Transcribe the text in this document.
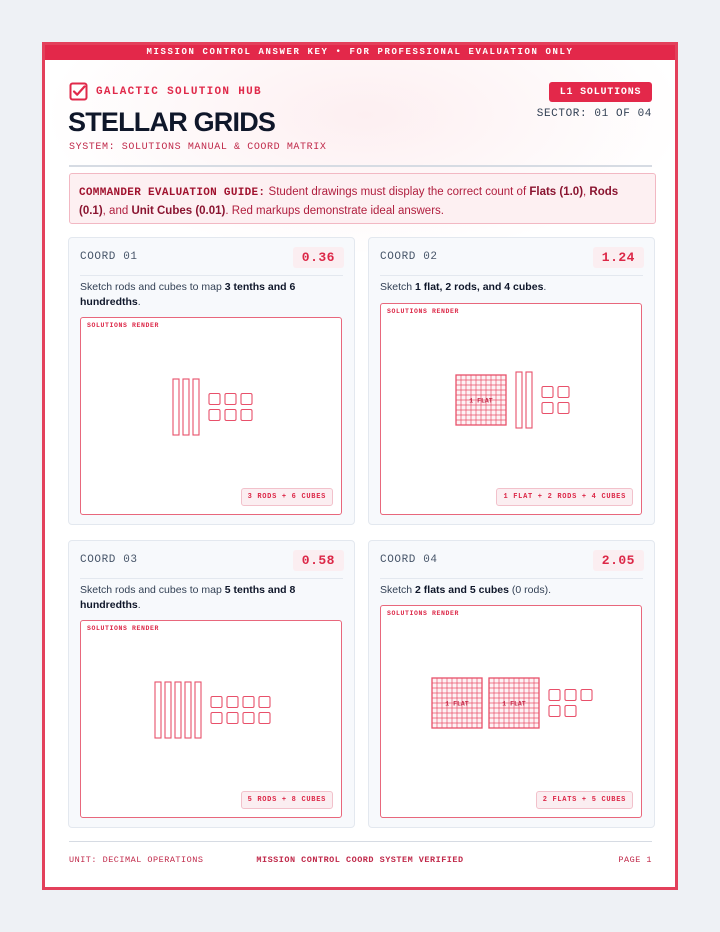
MISSION CONTROL ANSWER KEY • FOR PROFESSIONAL EVALUATION ONLY
GALACTIC SOLUTION HUB
STELLAR GRIDS
SYSTEM: SOLUTIONS MANUAL & COORD MATRIX
L1 SOLUTIONS
SECTOR: 01 OF 04
COMMANDER EVALUATION GUIDE: Student drawings must display the correct count of Flats (1.0), Rods (0.1), and Unit Cubes (0.01). Red markups demonstrate ideal answers.
COORD 01	0.36
Sketch rods and cubes to map 3 tenths and 6 hundredths.
SOLUTIONS RENDER
3 RODS + 6 CUBES
COORD 02	1.24
Sketch 1 flat, 2 rods, and 4 cubes.
SOLUTIONS RENDER
1 FLAT
1 FLAT + 2 RODS + 4 CUBES
COORD 03	0.58
Sketch rods and cubes to map 5 tenths and 8 hundredths.
SOLUTIONS RENDER
5 RODS + 8 CUBES
COORD 04	2.05
Sketch 2 flats and 5 cubes (0 rods).
SOLUTIONS RENDER
1 FLAT	1 FLAT
2 FLATS + 5 CUBES
MISSION CONTROL COORD SYSTEM VERIFIED
UNIT: DECIMAL OPERATIONS	PAGE 1
